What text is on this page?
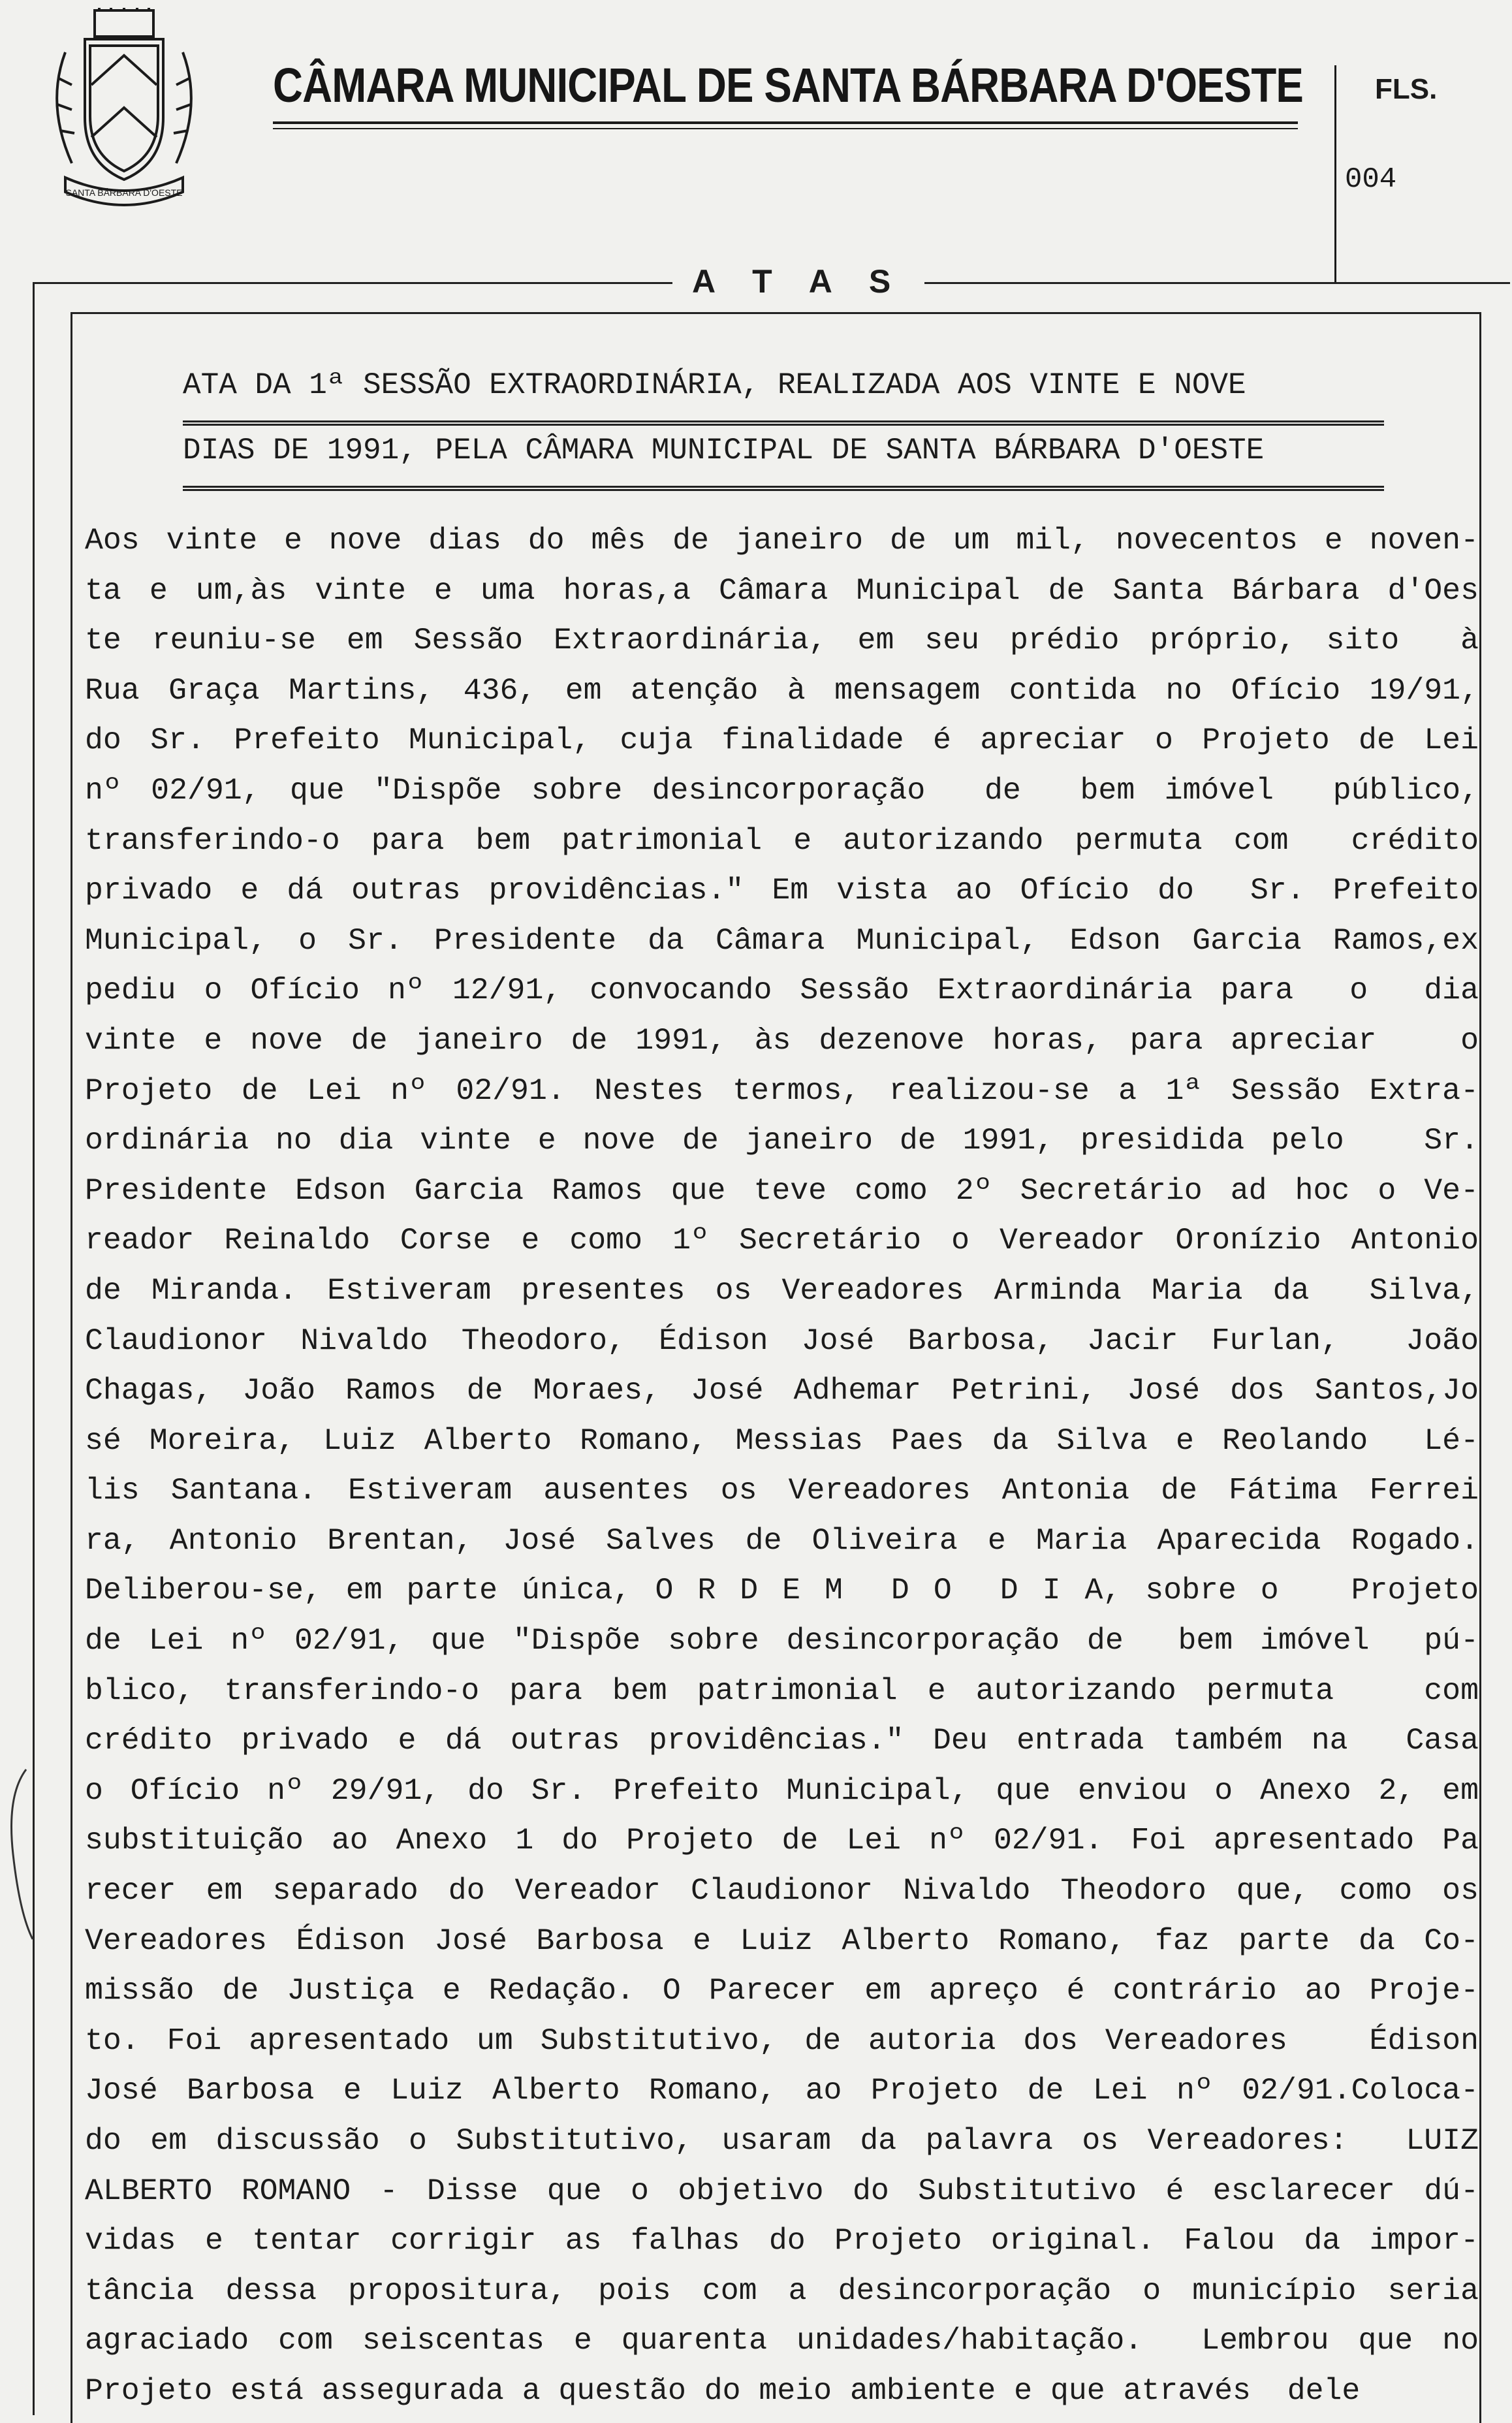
SANTA BÁRBARA D'OESTE
CÂMARA MUNICIPAL DE SANTA BÁRBARA D'OESTE	FLS.
004
A T A S
ATA DA 1ª SESSÃO EXTRAORDINÁRIA, REALIZADA AOS VINTE E NOVE
DIAS DE 1991, PELA CÂMARA MUNICIPAL DE SANTA BÁRBARA D'OESTE
Aos vinte e nove dias do mês de janeiro de um mil, novecentos e noven-
ta e um,às vinte e uma horas,a Câmara Municipal de Santa Bárbara d'Oes
te reuniu-se em Sessão Extraordinária, em seu prédio próprio, sito  à
Rua Graça Martins, 436, em atenção à mensagem contida no Ofício 19/91,
do Sr. Prefeito Municipal, cuja finalidade é apreciar o Projeto de Lei
nº 02/91, que "Dispõe sobre desincorporação  de  bem imóvel  público,
transferindo-o para bem patrimonial e autorizando permuta com  crédito
privado e dá outras providências." Em vista ao Ofício do  Sr. Prefeito
Municipal, o Sr. Presidente da Câmara Municipal, Edson Garcia Ramos,ex
pediu o Ofício nº 12/91, convocando Sessão Extraordinária para  o  dia
vinte e nove de janeiro de 1991, às dezenove horas, para apreciar   o
Projeto de Lei nº 02/91. Nestes termos, realizou-se a 1ª Sessão Extra-
ordinária no dia vinte e nove de janeiro de 1991, presidida pelo   Sr.
Presidente Edson Garcia Ramos que teve como 2º Secretário ad hoc o Ve-
reador Reinaldo Corse e como 1º Secretário o Vereador Oronízio Antonio
de Miranda. Estiveram presentes os Vereadores Arminda Maria da  Silva,
Claudionor Nivaldo Theodoro, Édison José Barbosa, Jacir Furlan,  João
Chagas, João Ramos de Moraes, José Adhemar Petrini, José dos Santos,Jo
sé Moreira, Luiz Alberto Romano, Messias Paes da Silva e Reolando  Lé-
lis Santana. Estiveram ausentes os Vereadores Antonia de Fátima Ferrei
ra, Antonio Brentan, José Salves de Oliveira e Maria Aparecida Rogado.
Deliberou-se, em parte única, O R D E M  D O  D I A, sobre o   Projeto
de Lei nº 02/91, que "Dispõe sobre desincorporação de  bem imóvel  pú-
blico, transferindo-o para bem patrimonial e autorizando permuta   com
crédito privado e dá outras providências." Deu entrada também na  Casa
o Ofício nº 29/91, do Sr. Prefeito Municipal, que enviou o Anexo 2, em
substituição ao Anexo 1 do Projeto de Lei nº 02/91. Foi apresentado Pa
recer em separado do Vereador Claudionor Nivaldo Theodoro que, como os
Vereadores Édison José Barbosa e Luiz Alberto Romano, faz parte da Co-
missão de Justiça e Redação. O Parecer em apreço é contrário ao Proje-
to. Foi apresentado um Substitutivo, de autoria dos Vereadores   Édison
José Barbosa e Luiz Alberto Romano, ao Projeto de Lei nº 02/91.Coloca-
do em discussão o Substitutivo, usaram da palavra os Vereadores:  LUIZ
ALBERTO ROMANO - Disse que o objetivo do Substitutivo é esclarecer dú-
vidas e tentar corrigir as falhas do Projeto original. Falou da impor-
tância dessa propositura, pois com a desincorporação o município seria
agraciado com seiscentas e quarenta unidades/habitação.  Lembrou que no
Projeto está assegurada a questão do meio ambiente e que através  dele
